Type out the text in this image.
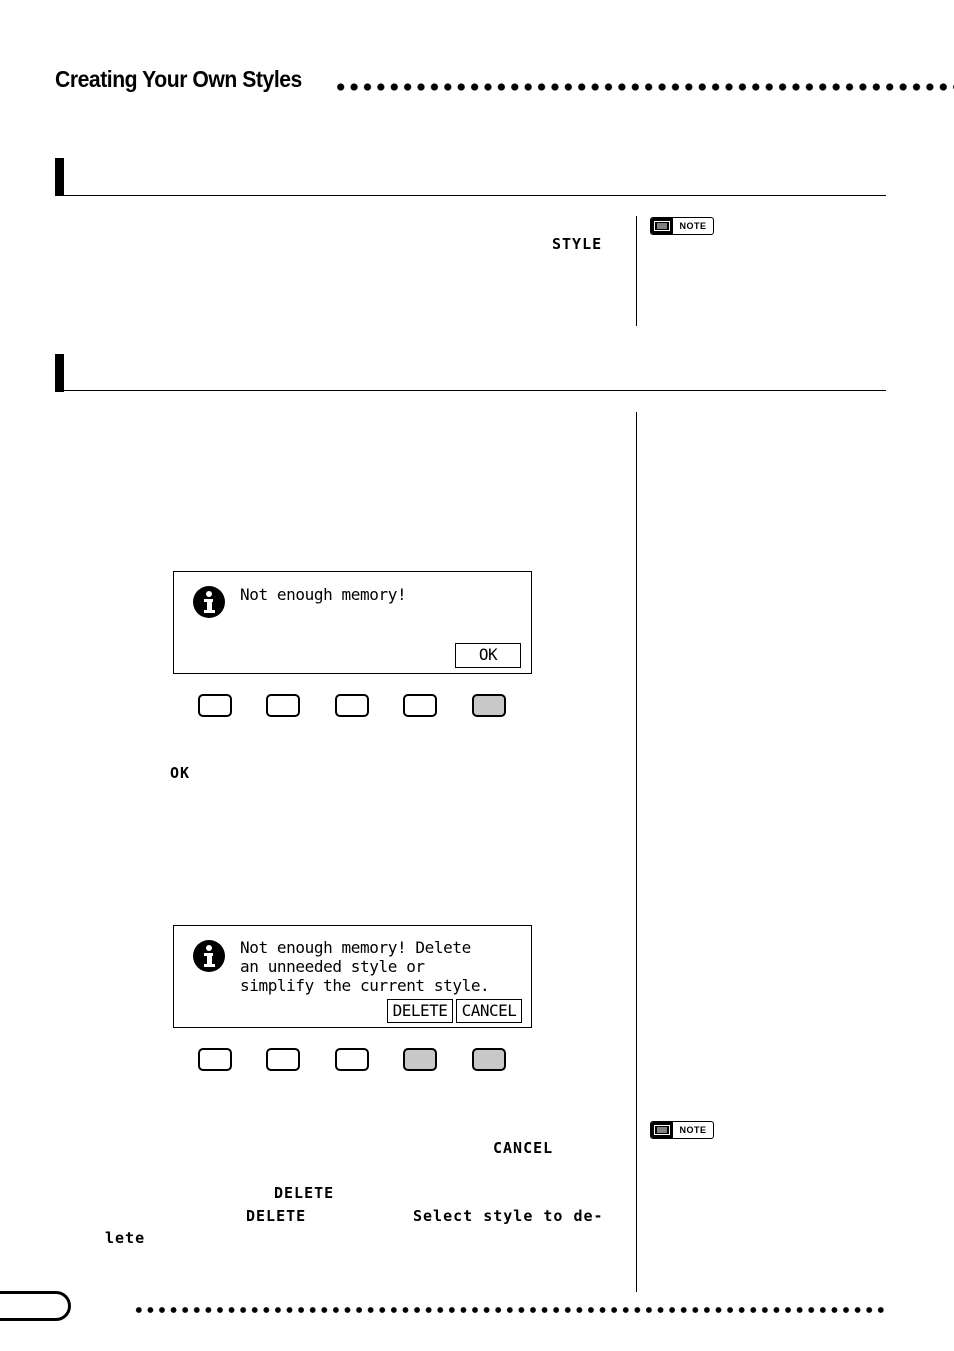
Creating Your Own Styles
STYLE
NOTE
Not enough memory!
OK
OK
Not enough memory! Delete
an unneeded style or
simplify the current style.
DELETE CANCEL
CANCEL
DELETE
DELETE	Select style to de-
lete
NOTE
